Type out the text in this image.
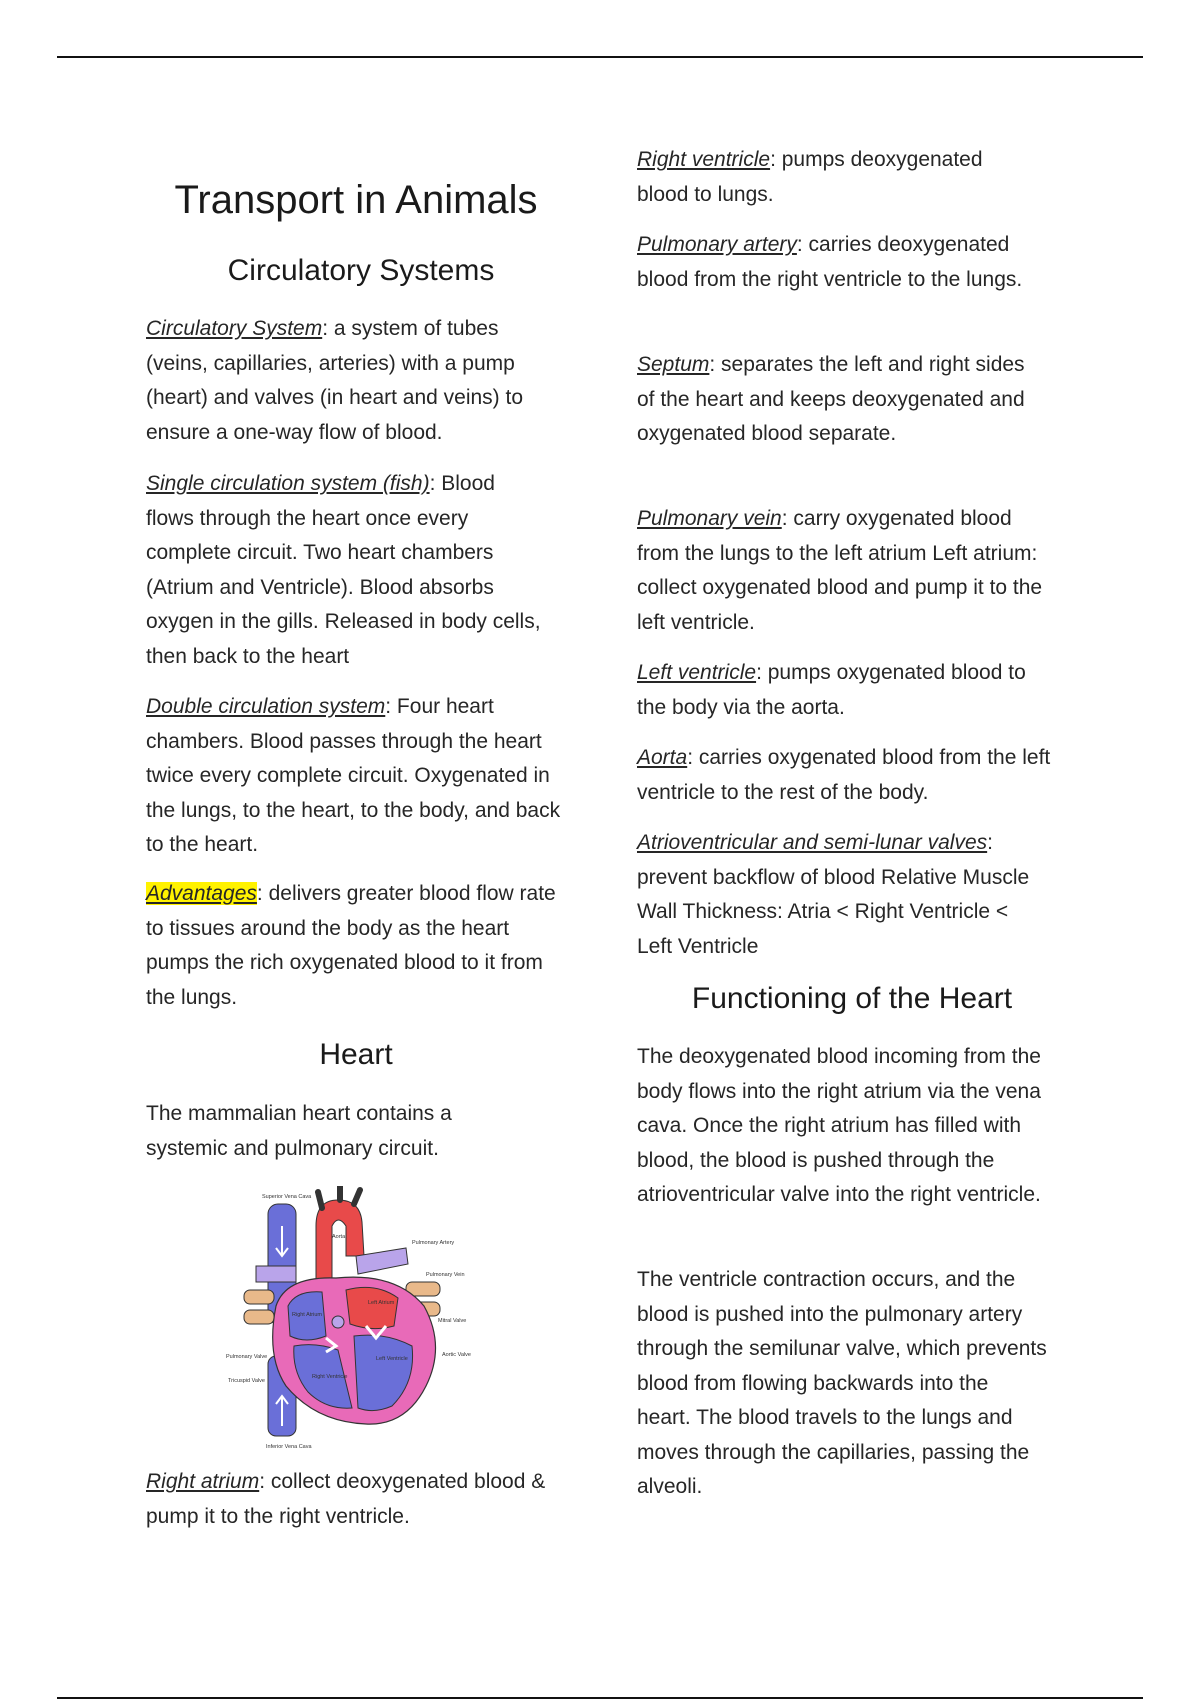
Transport in Animals
Circulatory Systems

Circulatory System: a system of tubes (veins, capillaries, arteries) with a pump (heart) and valves (in heart and veins) to ensure a one-way flow of blood.

Single circulation system (fish): Blood flows through the heart once every complete circuit. Two heart chambers (Atrium and Ventricle). Blood absorbs oxygen in the gills. Released in body cells, then back to the heart

Double circulation system: Four heart chambers. Blood passes through the heart twice every complete circuit. Oxygenated in the lungs, to the heart, to the body, and back to the heart.

Advantages: delivers greater blood flow rate to tissues around the body as the heart pumps the rich oxygenated blood to it from the lungs.

Heart

The mammalian heart contains a systemic and pulmonary circuit.

Superior Vena Cava
Aorta
Pulmonary Artery
Pulmonary Vein
Left Atrium
Mitral Valve
Right Atrium
Aortic Valve
Pulmonary Valve
Tricuspid Valve
Left Ventricle
Right Ventricle
Inferior Vena Cava

Right atrium: collect deoxygenated blood & pump it to the right ventricle.

Right ventricle: pumps deoxygenated blood to lungs.

Pulmonary artery: carries deoxygenated blood from the right ventricle to the lungs.

Septum: separates the left and right sides of the heart and keeps deoxygenated and oxygenated blood separate.

Pulmonary vein: carry oxygenated blood from the lungs to the left atrium Left atrium: collect oxygenated blood and pump it to the left ventricle.

Left ventricle: pumps oxygenated blood to the body via the aorta.

Aorta: carries oxygenated blood from the left ventricle to the rest of the body.

Atrioventricular and semi-lunar valves: prevent backflow of blood Relative Muscle Wall Thickness: Atria < Right Ventricle < Left Ventricle

Functioning of the Heart

The deoxygenated blood incoming from the body flows into the right atrium via the vena cava. Once the right atrium has filled with blood, the blood is pushed through the atrioventricular valve into the right ventricle.

The ventricle contraction occurs, and the blood is pushed into the pulmonary artery through the semilunar valve, which prevents blood from flowing backwards into the heart. The blood travels to the lungs and moves through the capillaries, passing the alveoli.
